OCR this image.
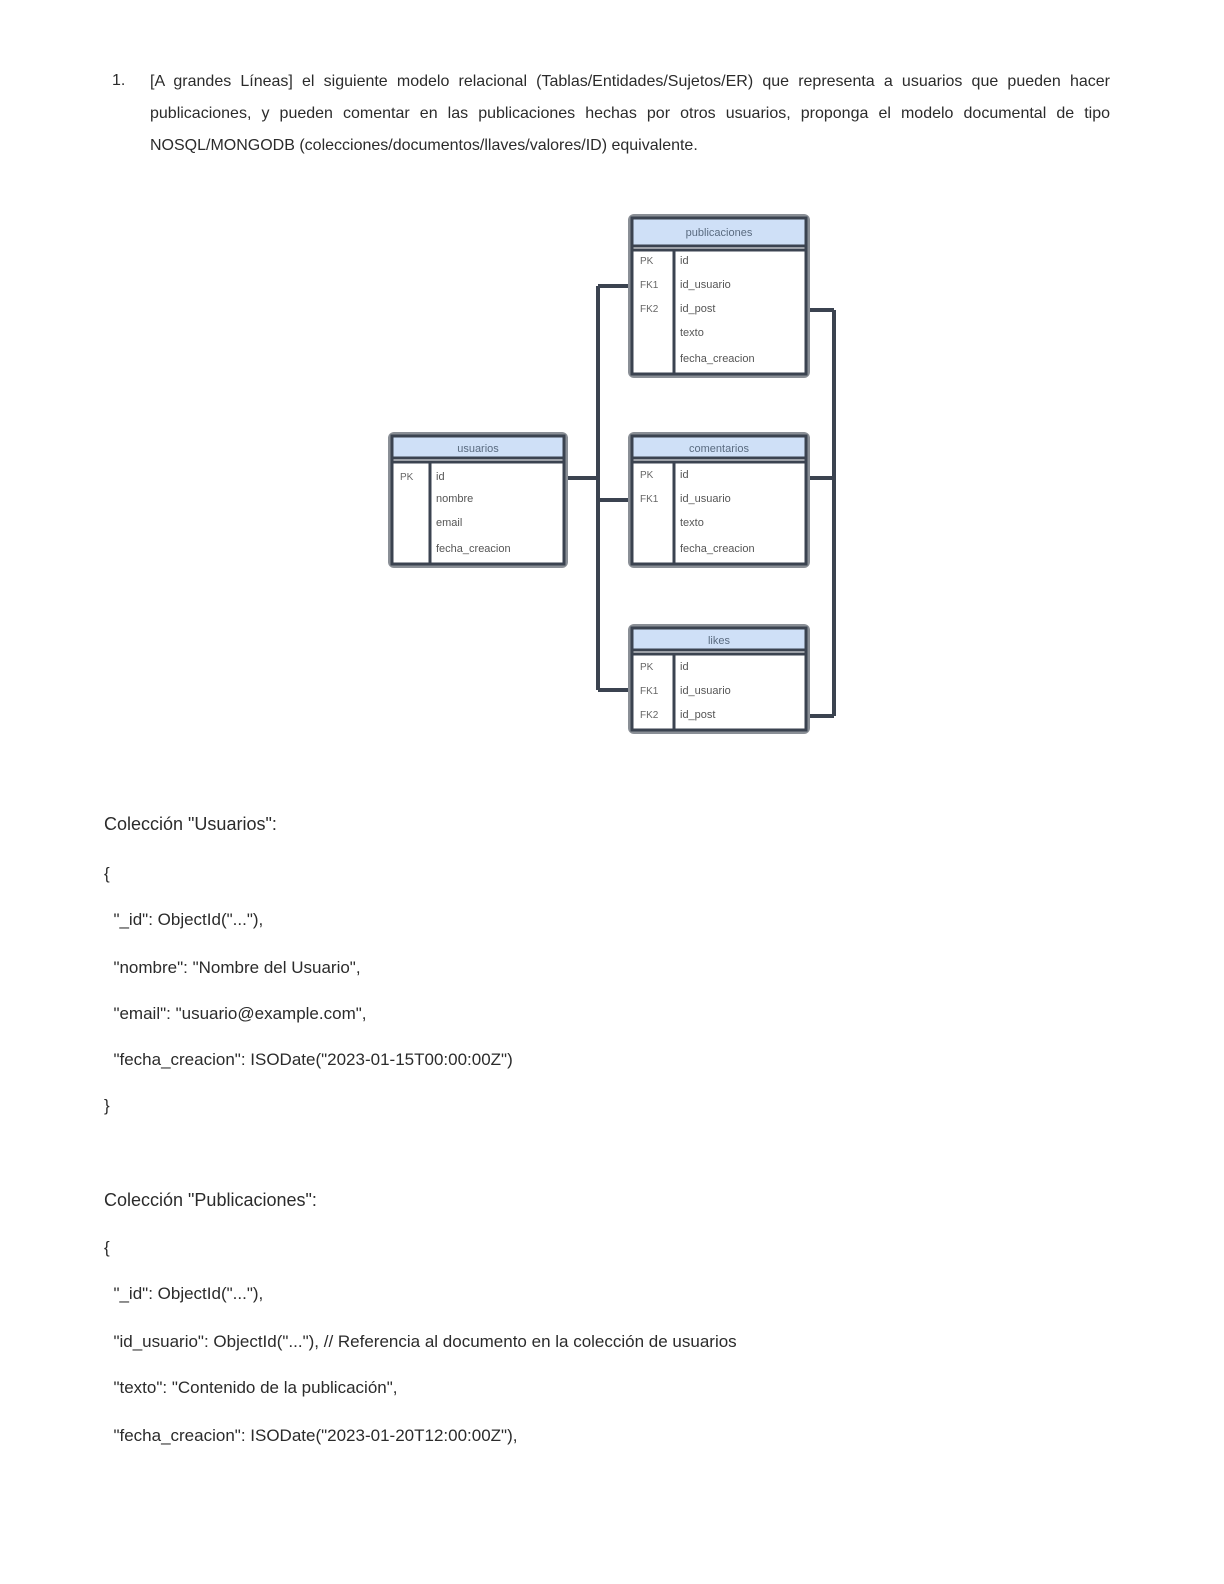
1. [A grandes Líneas] el siguiente modelo relacional (Tablas/Entidades/Sujetos/ER) que representa a usuarios que pueden hacer publicaciones, y pueden comentar en las publicaciones hechas por otros usuarios, proponga el modelo documental de tipo NOSQL/MONGODB (colecciones/documentos/llaves/valores/ID) equivalente.

usuarios
PK id
nombre
email
fecha_creacion
publicaciones
PK id
FK1 id_usuario
FK2 id_post
texto
fecha_creacion
comentarios
PK id
FK1 id_usuario
texto
fecha_creacion
likes
PK id
FK1 id_usuario
FK2 id_post
Colección "Usuarios":
{
"_id": ObjectId("..."),
"nombre": "Nombre del Usuario",
"email": "usuario@example.com",
"fecha_creacion": ISODate("2023-01-15T00:00:00Z")
}
Colección "Publicaciones":
{
"_id": ObjectId("..."),
"id_usuario": ObjectId("..."), // Referencia al documento en la colección de usuarios
"texto": "Contenido de la publicación",
"fecha_creacion": ISODate("2023-01-20T12:00:00Z"),
